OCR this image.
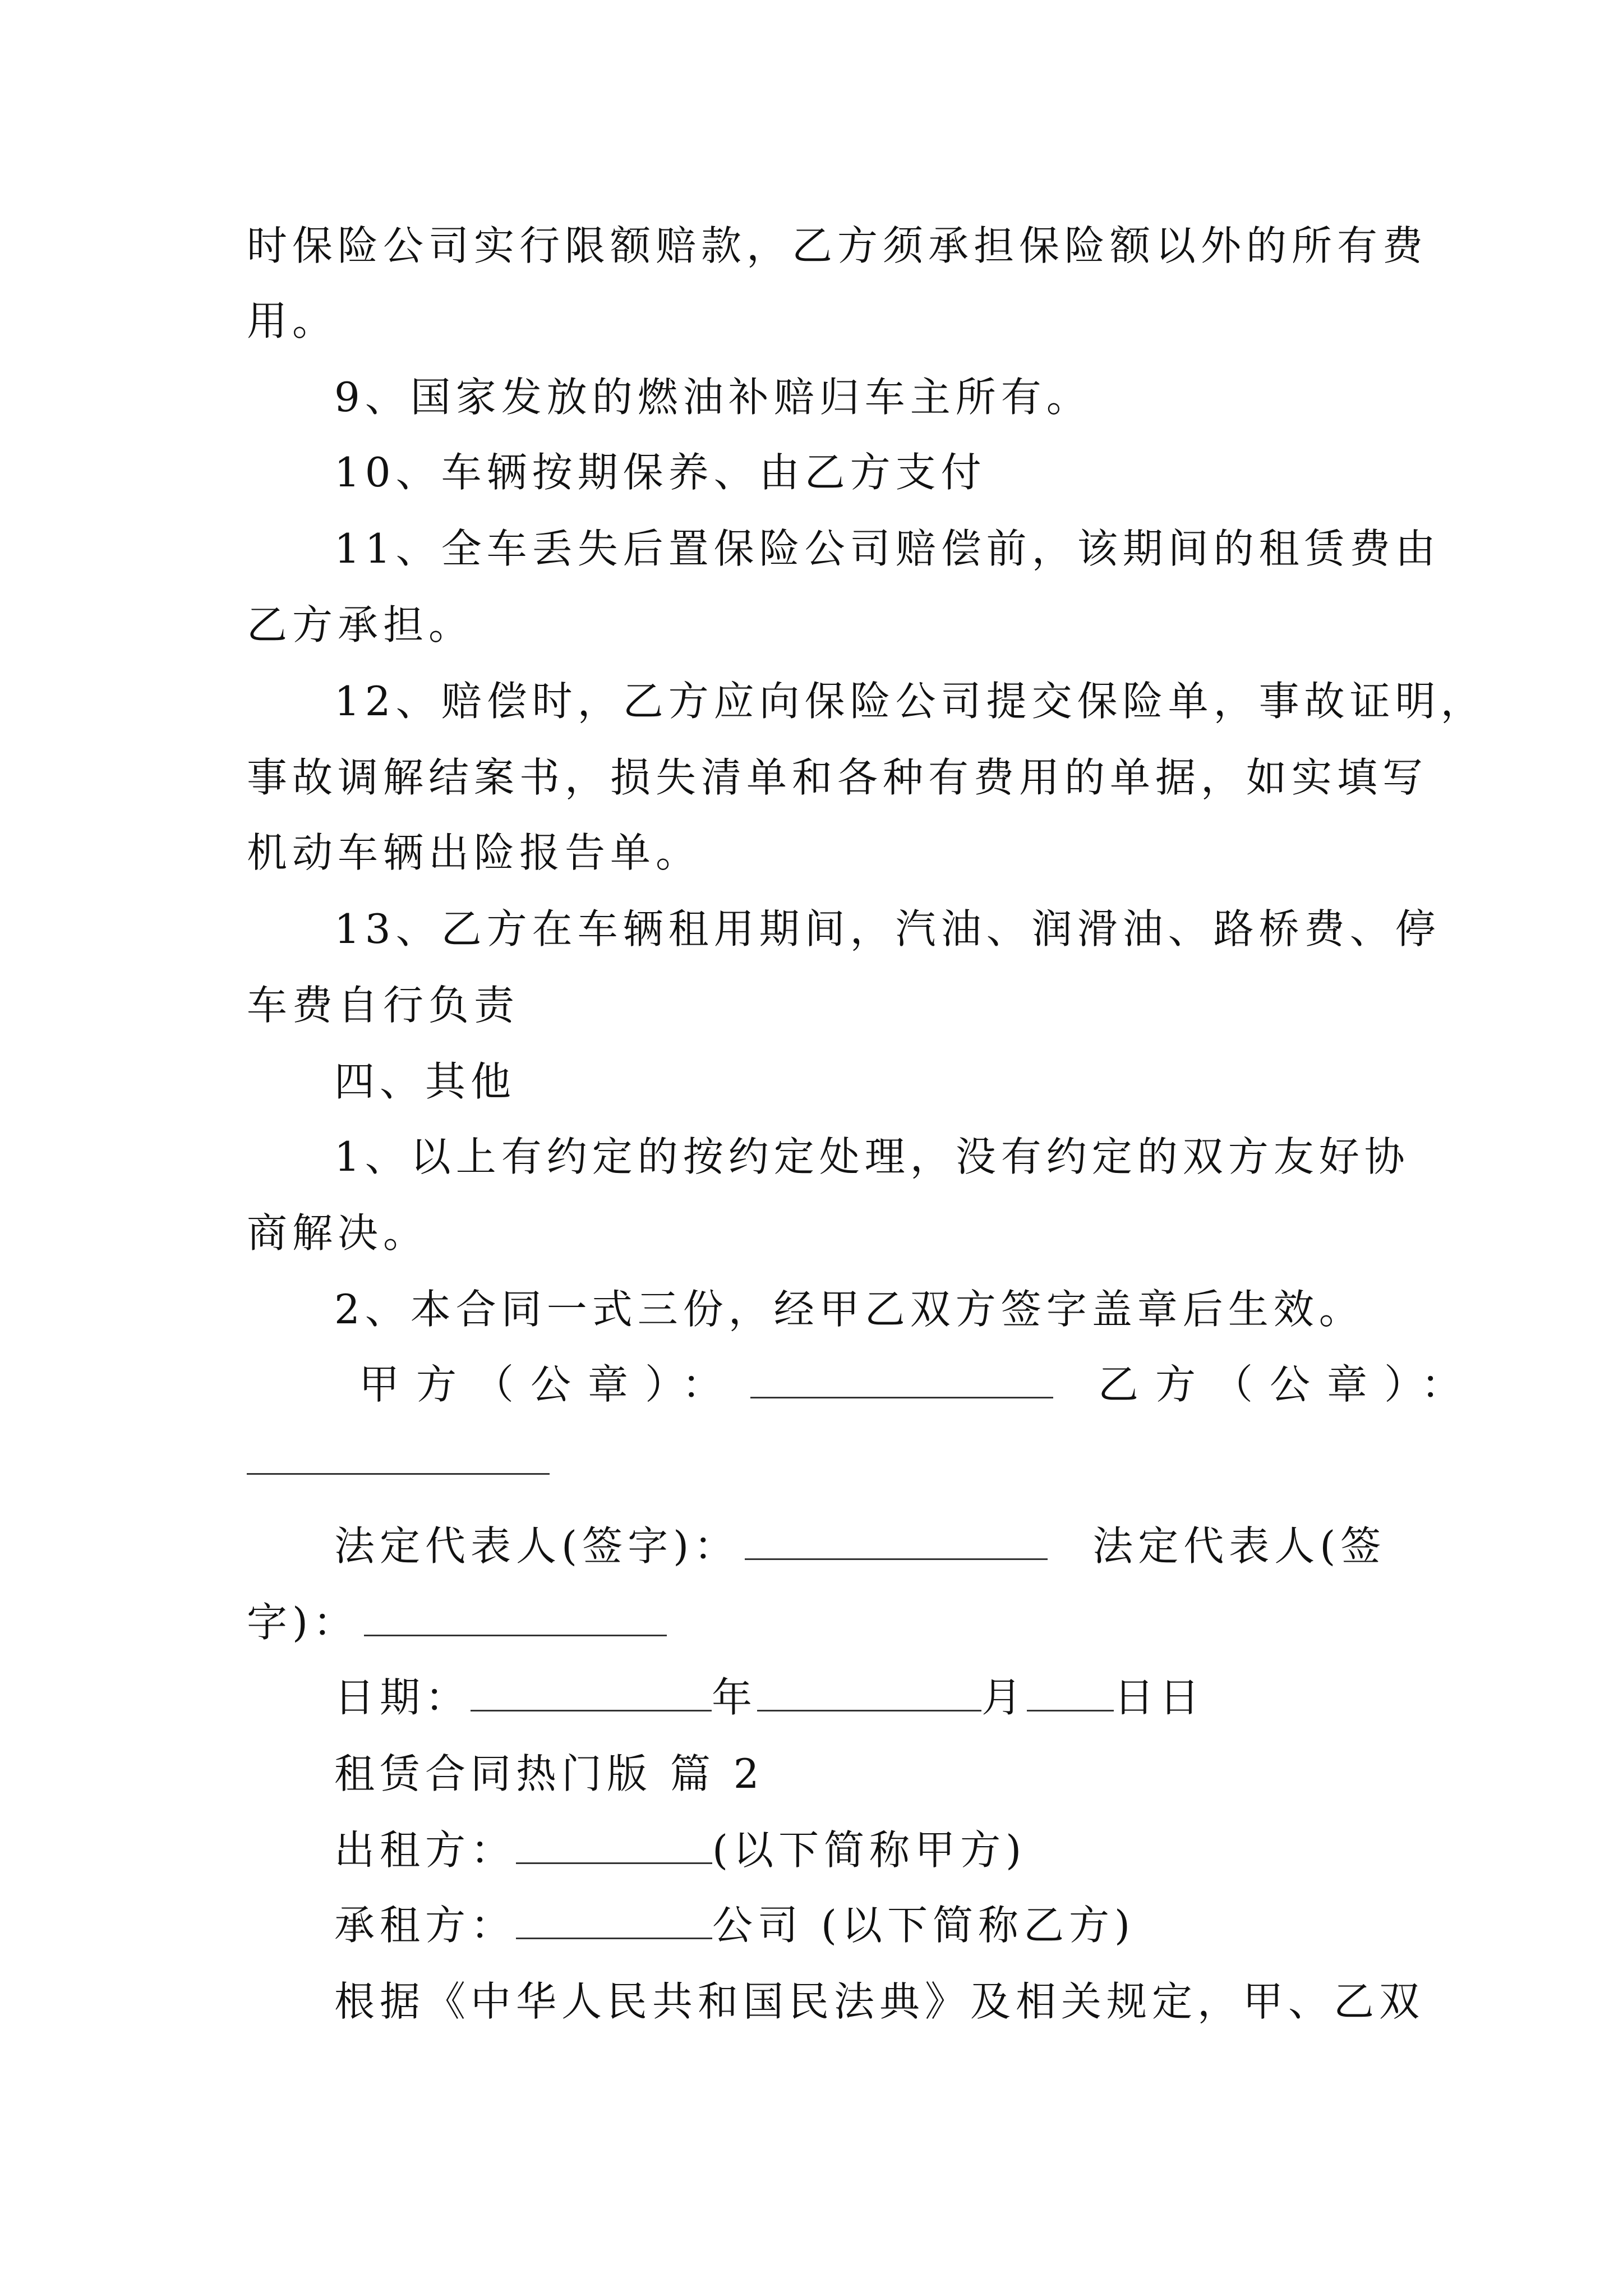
时保险公司实行限额赔款，乙方须承担保险额以外的所有费
用。
9、国家发放的燃油补赔归车主所有。
10、车辆按期保养、由乙方支付
11、全车丢失后置保险公司赔偿前，该期间的租赁费由
乙方承担。
12、赔偿时，乙方应向保险公司提交保险单，事故证明，
事故调解结案书，损失清单和各种有费用的单据，如实填写
机动车辆出险报告单。
13、乙方在车辆租用期间，汽油、润滑油、路桥费、停
车费自行负责
四、其他
1、以上有约定的按约定处理，没有约定的双方友好协
商解决。
2、本合同一式三份，经甲乙双方签字盖章后生效。
甲方（公章）：	乙方（公章）：
法定代表人(签字)：	法定代表人(签
字)：
日期：	年	月 日日
租赁合同热门版 篇 2
出租方：	(以下简称甲方)
承租方：	公司 (以下简称乙方)
根据《中华人民共和国民法典》及相关规定，甲、乙双
